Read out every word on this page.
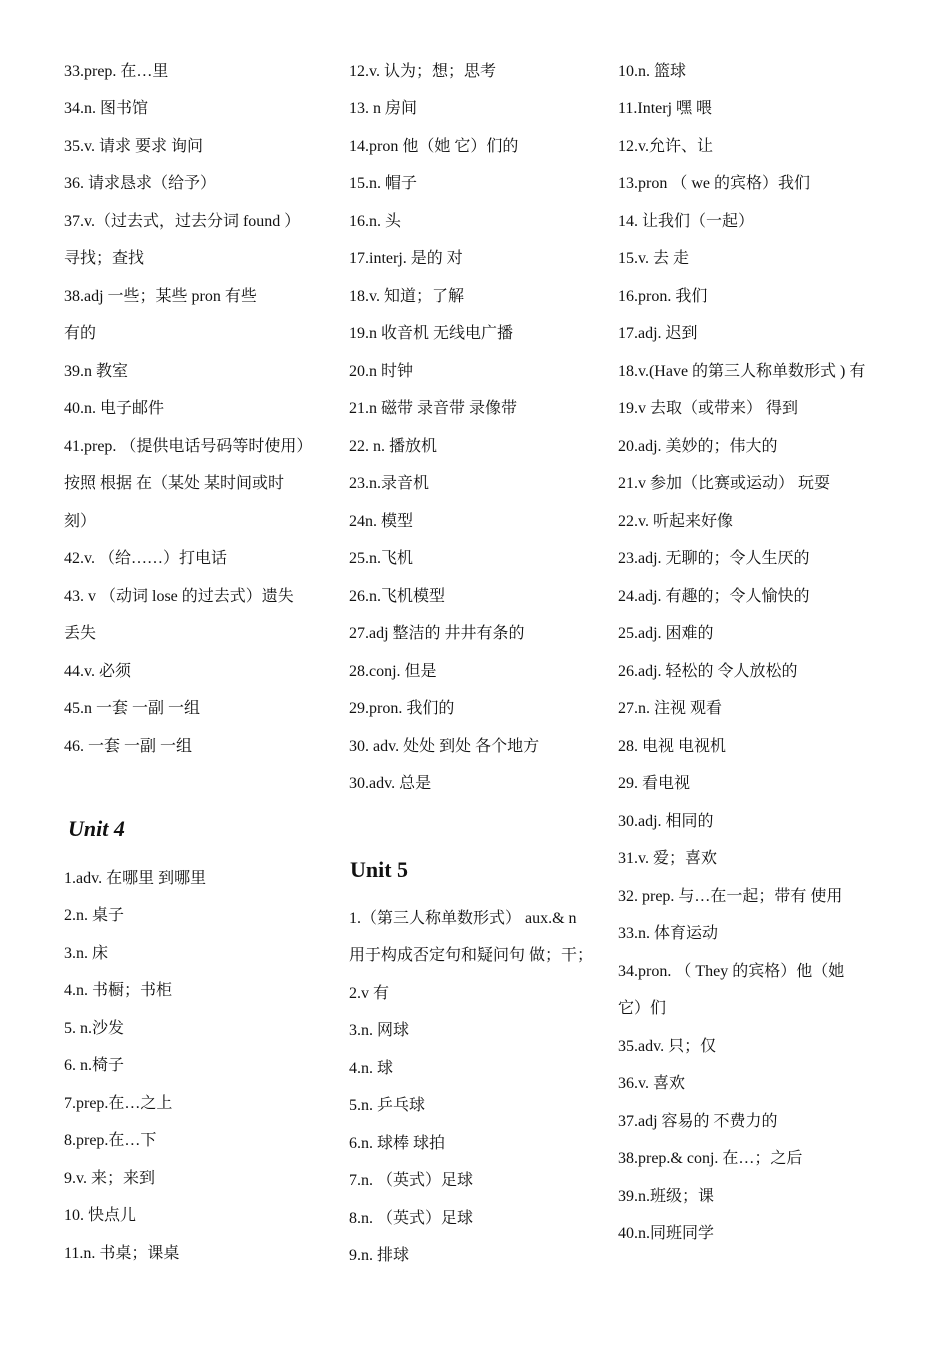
33.prep. 在…里
34.n. 图书馆
35.v. 请求 要求 询问
36. 请求恳求（给予）
37.v.（过去式，过去分词 found ）
寻找；查找
38.adj 一些；某些 pron 有些
有的
39.n 教室
40.n. 电子邮件
41.prep. （提供电话号码等时使用）
按照 根据 在（某处 某时间或时
刻）
42.v. （给……）打电话
43. v （动词 lose 的过去式）遗失
丢失
44.v. 必须
45.n 一套 一副 一组
46. 一套 一副 一组
Unit 4
1.adv. 在哪里 到哪里
2.n. 桌子
3.n. 床
4.n. 书橱；书柜
5. n.沙发
6. n.椅子
7.prep.在…之上
8.prep.在…下
9.v. 来；来到
10. 快点儿
11.n. 书桌；课桌
12.v. 认为；想；思考
13. n 房间
14.pron 他（她 它）们的
15.n. 帽子
16.n. 头
17.interj. 是的 对
18.v. 知道；了解
19.n 收音机 无线电广播
20.n 时钟
21.n 磁带 录音带 录像带
22. n. 播放机
23.n.录音机
24n. 模型
25.n.飞机
26.n.飞机模型
27.adj 整洁的 井井有条的
28.conj. 但是
29.pron. 我们的
30. adv. 处处 到处 各个地方
30.adv. 总是
Unit 5
1.（第三人称单数形式） aux.& n
用于构成否定句和疑问句 做；干；
2.v 有
3.n. 网球
4.n. 球
5.n. 乒乓球
6.n. 球棒 球拍
7.n. （英式）足球
8.n. （英式）足球
9.n. 排球
10.n. 篮球
11.Interj 嘿 喂
12.v.允许、让
13.pron （ we 的宾格）我们
14. 让我们（一起）
15.v. 去 走
16.pron. 我们
17.adj. 迟到
18.v.(Have 的第三人称单数形式 ) 有
19.v 去取（或带来） 得到
20.adj. 美妙的；伟大的
21.v 参加（比赛或运动） 玩耍
22.v. 听起来好像
23.adj. 无聊的；令人生厌的
24.adj. 有趣的；令人愉快的
25.adj. 困难的
26.adj. 轻松的 令人放松的
27.n. 注视 观看
28. 电视 电视机
29. 看电视
30.adj. 相同的
31.v. 爱；喜欢
32. prep. 与…在一起；带有 使用
33.n. 体育运动
34.pron. （ They 的宾格）他（她
它）们
35.adv. 只；仅
36.v. 喜欢
37.adj 容易的 不费力的
38.prep.& conj. 在…；之后
39.n.班级；课
40.n.同班同学
